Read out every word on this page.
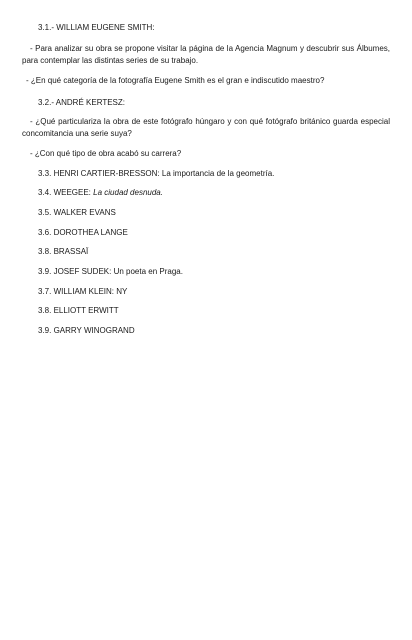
3.1.- WILLIAM EUGENE SMITH:

- Para analizar su obra se propone visitar la página de la Agencia Magnum y descubrir sus Álbumes, para contemplar las distintas series de su trabajo.

- ¿En qué categoría de la fotografía Eugene Smith es el gran e indiscutido maestro?

3.2.- ANDRÉ KERTESZ:

- ¿Qué particulariza la obra de este fotógrafo húngaro y con qué fotógrafo británico guarda especial concomitancia una serie suya?

- ¿Con qué tipo de obra acabó su carrera?

3.3. HENRI CARTIER-BRESSON: La importancia de la geometría.

3.4. WEEGEE: La ciudad desnuda.

3.5. WALKER EVANS

3.6. DOROTHEA LANGE

3.8. BRASSAÏ

3.9. JOSEF SUDEK: Un poeta en Praga.

3.7. WILLIAM KLEIN: NY

3.8. ELLIOTT ERWITT

3.9. GARRY WINOGRAND
